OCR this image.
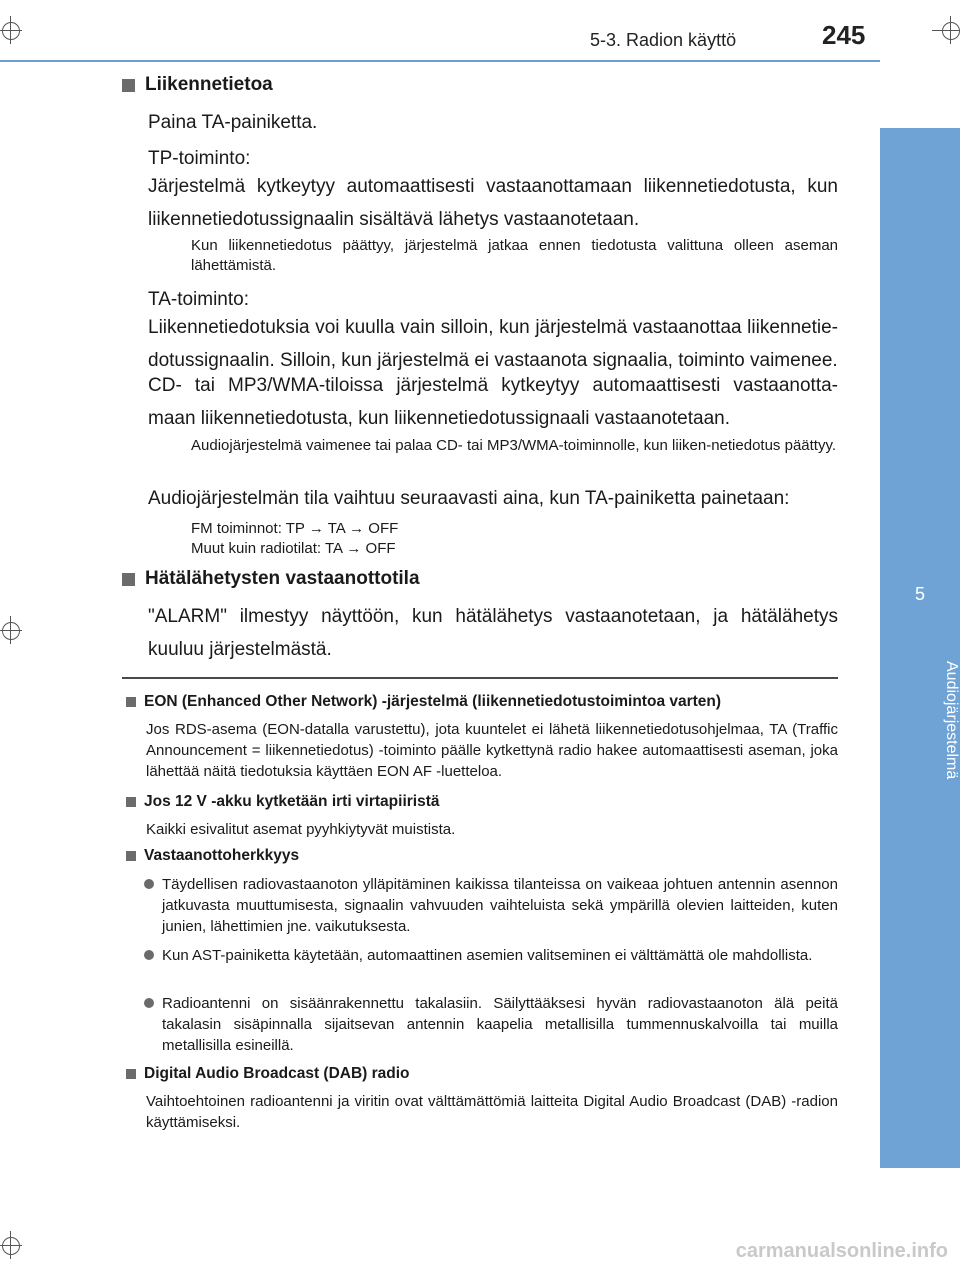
5-3. Radion käyttö	245
5
Audiojärjestelmä
Liikennetietoa
Paina TA-painiketta.
TP-toiminto:
Järjestelmä kytkeytyy automaattisesti vastaanottamaan liikennetiedotusta, kun liikennetiedotussignaalin sisältävä lähetys vastaanotetaan.
Kun liikennetiedotus päättyy, järjestelmä jatkaa ennen tiedotusta valittuna olleen aseman lähettämistä.
TA-toiminto:
Liikennetiedotuksia voi kuulla vain silloin, kun järjestelmä vastaanottaa liikennetie-dotussignaalin. Silloin, kun järjestelmä ei vastaanota signaalia, toiminto vaimenee.
CD- tai MP3/WMA-tiloissa järjestelmä kytkeytyy automaattisesti vastaanotta-maan liikennetiedotusta, kun liikennetiedotussignaali vastaanotetaan.
Audiojärjestelmä vaimenee tai palaa CD- tai MP3/WMA-toiminnolle, kun liiken-netiedotus päättyy.
Audiojärjestelmän tila vaihtuu seuraavasti aina, kun TA-painiketta painetaan:
FM toiminnot: TP → TA → OFF
Muut kuin radiotilat: TA → OFF
Hätälähetysten vastaanottotila
"ALARM" ilmestyy näyttöön, kun hätälähetys vastaanotetaan, ja hätälähetys kuuluu järjestelmästä.
EON (Enhanced Other Network) -järjestelmä (liikennetiedotustoimintoa varten)
Jos RDS-asema (EON-datalla varustettu), jota kuuntelet ei lähetä liikennetiedotusohjelmaa, TA (Traffic Announcement = liikennetiedotus) -toiminto päälle kytkettynä radio hakee automaattisesti aseman, joka lähettää näitä tiedotuksia käyttäen EON AF -luetteloa.
Jos 12 V -akku kytketään irti virtapiiristä
Kaikki esivalitut asemat pyyhkiytyvät muistista.
Vastaanottoherkkyys
Täydellisen radiovastaanoton ylläpitäminen kaikissa tilanteissa on vaikeaa johtuen antennin asennon jatkuvasta muuttumisesta, signaalin vahvuuden vaihteluista sekä ympärillä olevien laitteiden, kuten junien, lähettimien jne. vaikutuksesta.
Kun AST-painiketta käytetään, automaattinen asemien valitseminen ei välttämättä ole mahdollista.
Radioantenni on sisäänrakennettu takalasiin. Säilyttääksesi hyvän radiovastaanoton älä peitä takalasin sisäpinnalla sijaitsevan antennin kaapelia metallisilla tummennuskalvoilla tai muilla metallisilla esineillä.
Digital Audio Broadcast (DAB) radio
Vaihtoehtoinen radioantenni ja viritin ovat välttämättömiä laitteita Digital Audio Broadcast (DAB) -radion käyttämiseksi.
carmanualsonline.info
